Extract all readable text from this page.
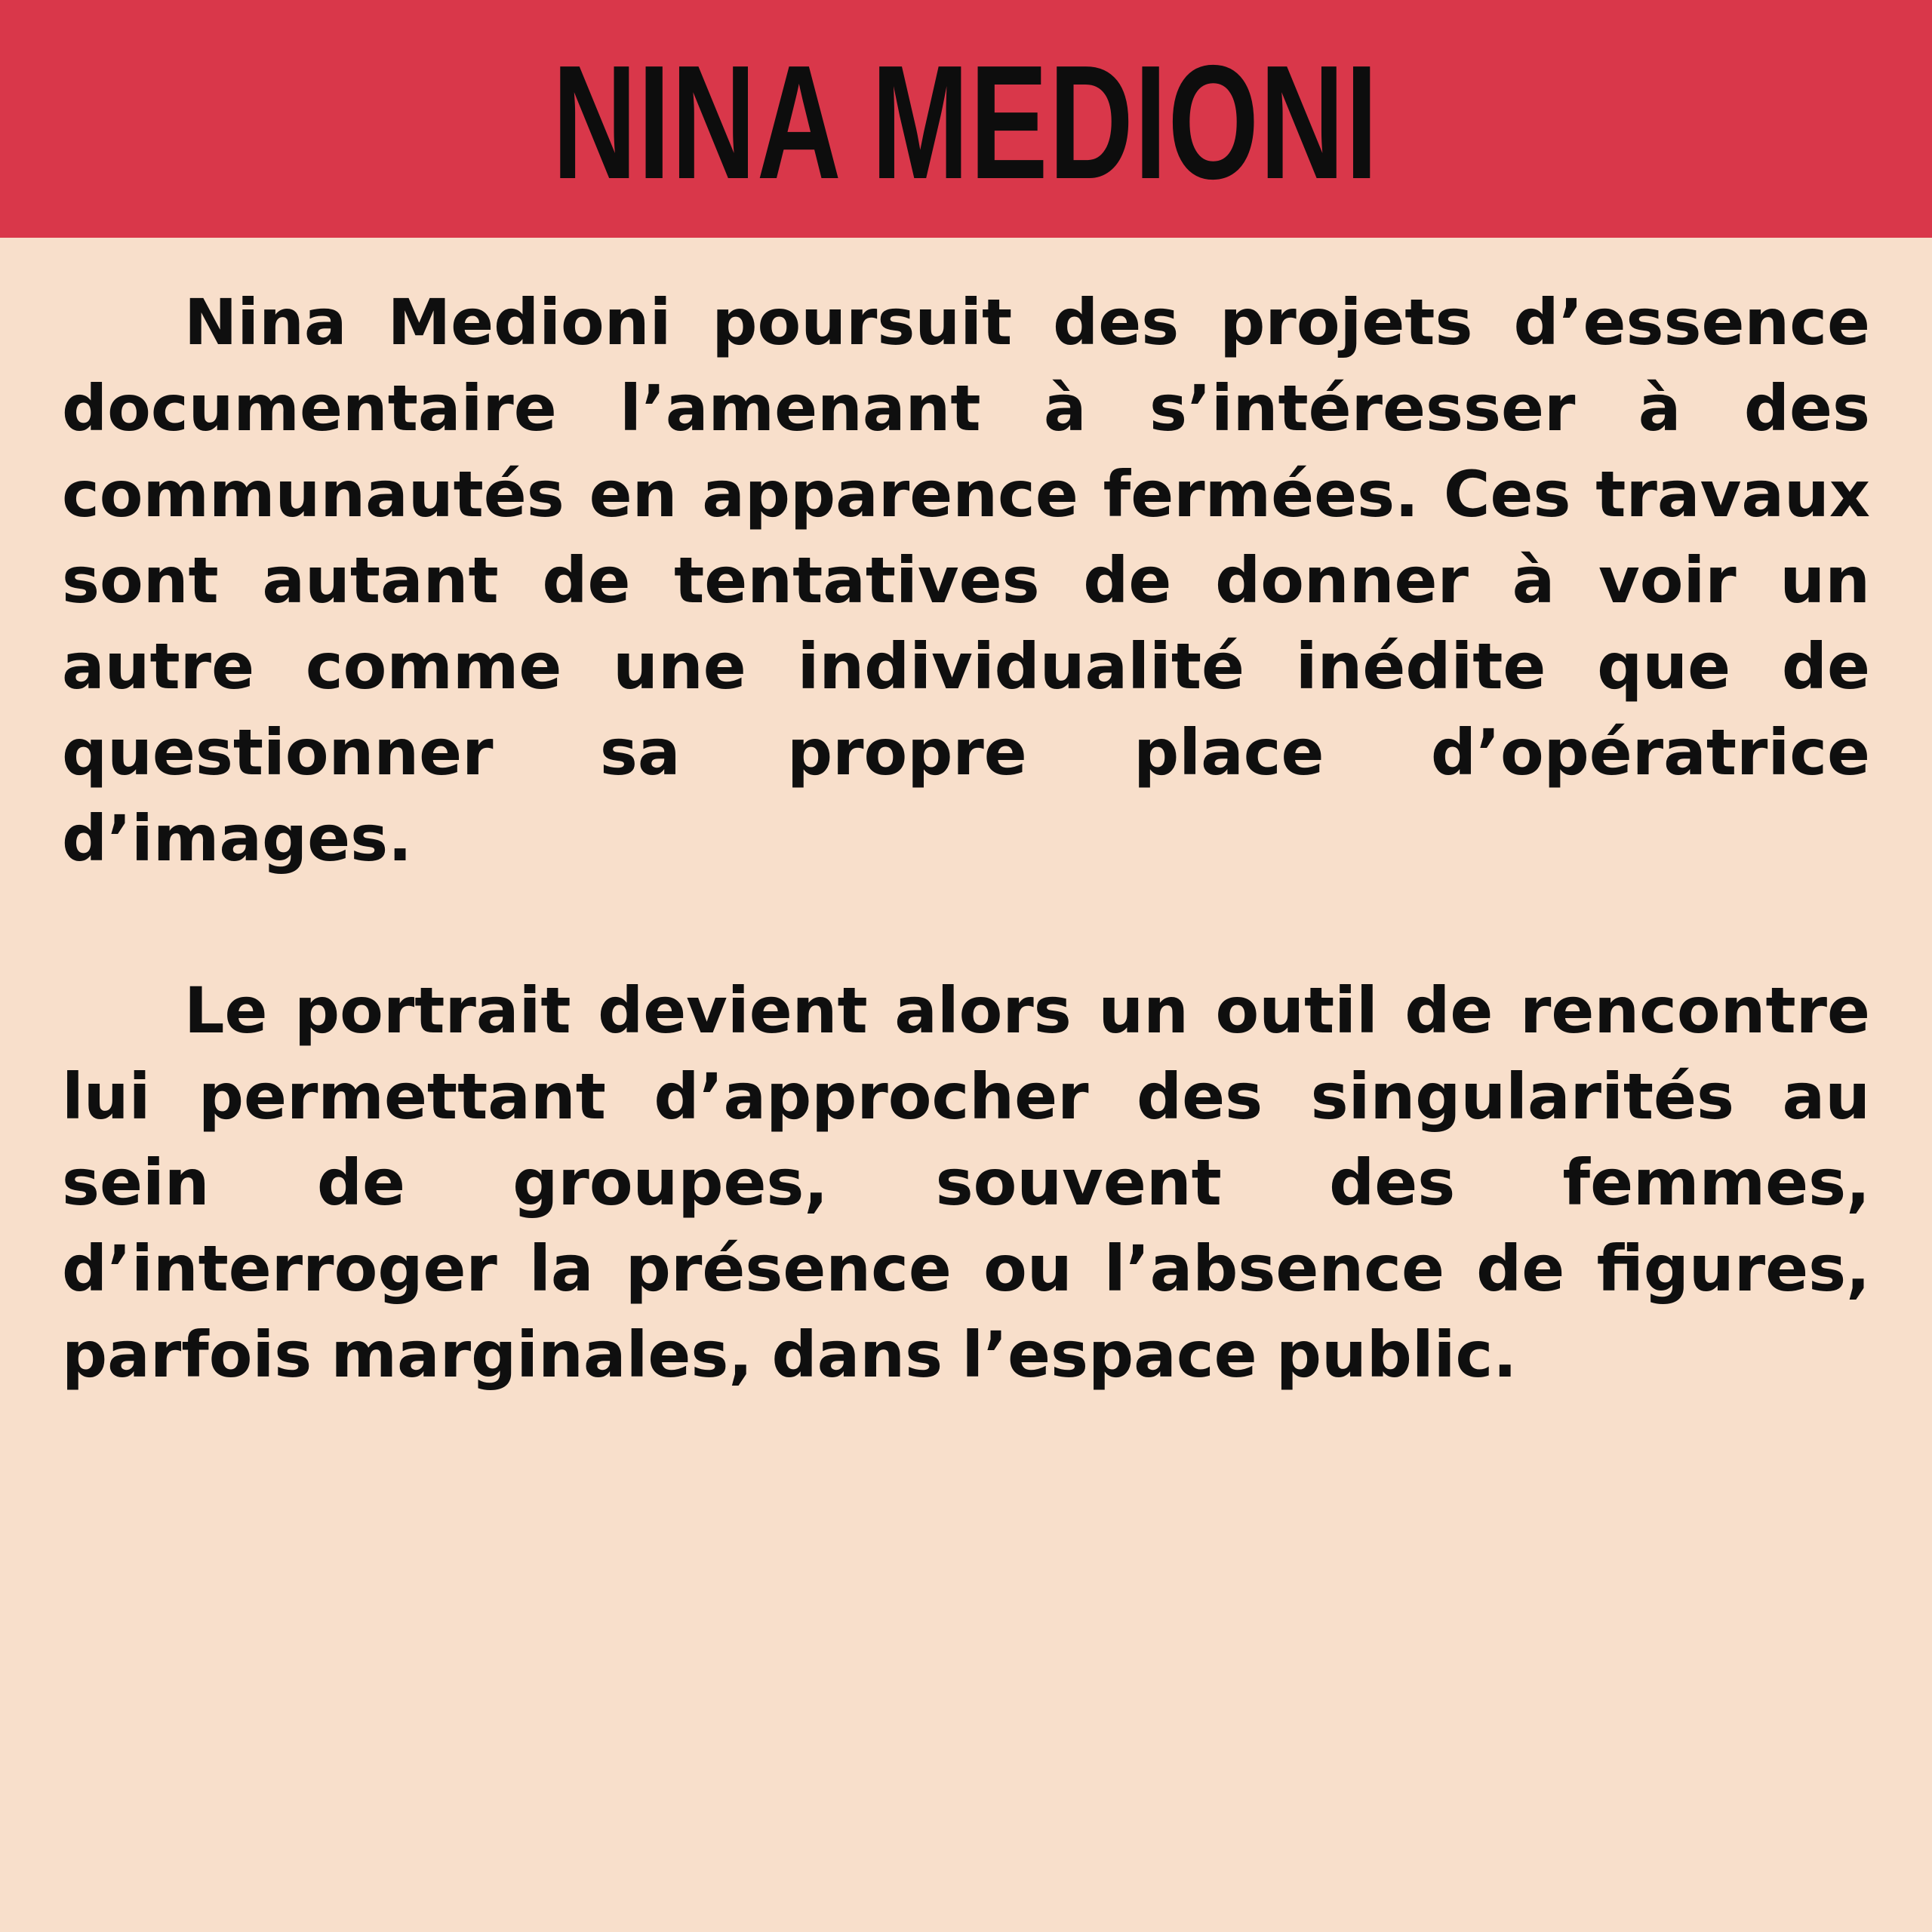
NINA MEDIONI

Nina Medioni poursuit des projets d’essence documentaire l’amenant à s’intéresser à des communautés en apparence fermées. Ces travaux sont autant de tentatives de donner à voir un autre comme une individualité inédite que de questionner sa propre place d’opératrice d’images.

Le portrait devient alors un outil de rencontre lui permettant d’approcher des singularités au sein de groupes, souvent des femmes, d’interroger la présence ou l’absence de figures, parfois marginales, dans l’espace public.
